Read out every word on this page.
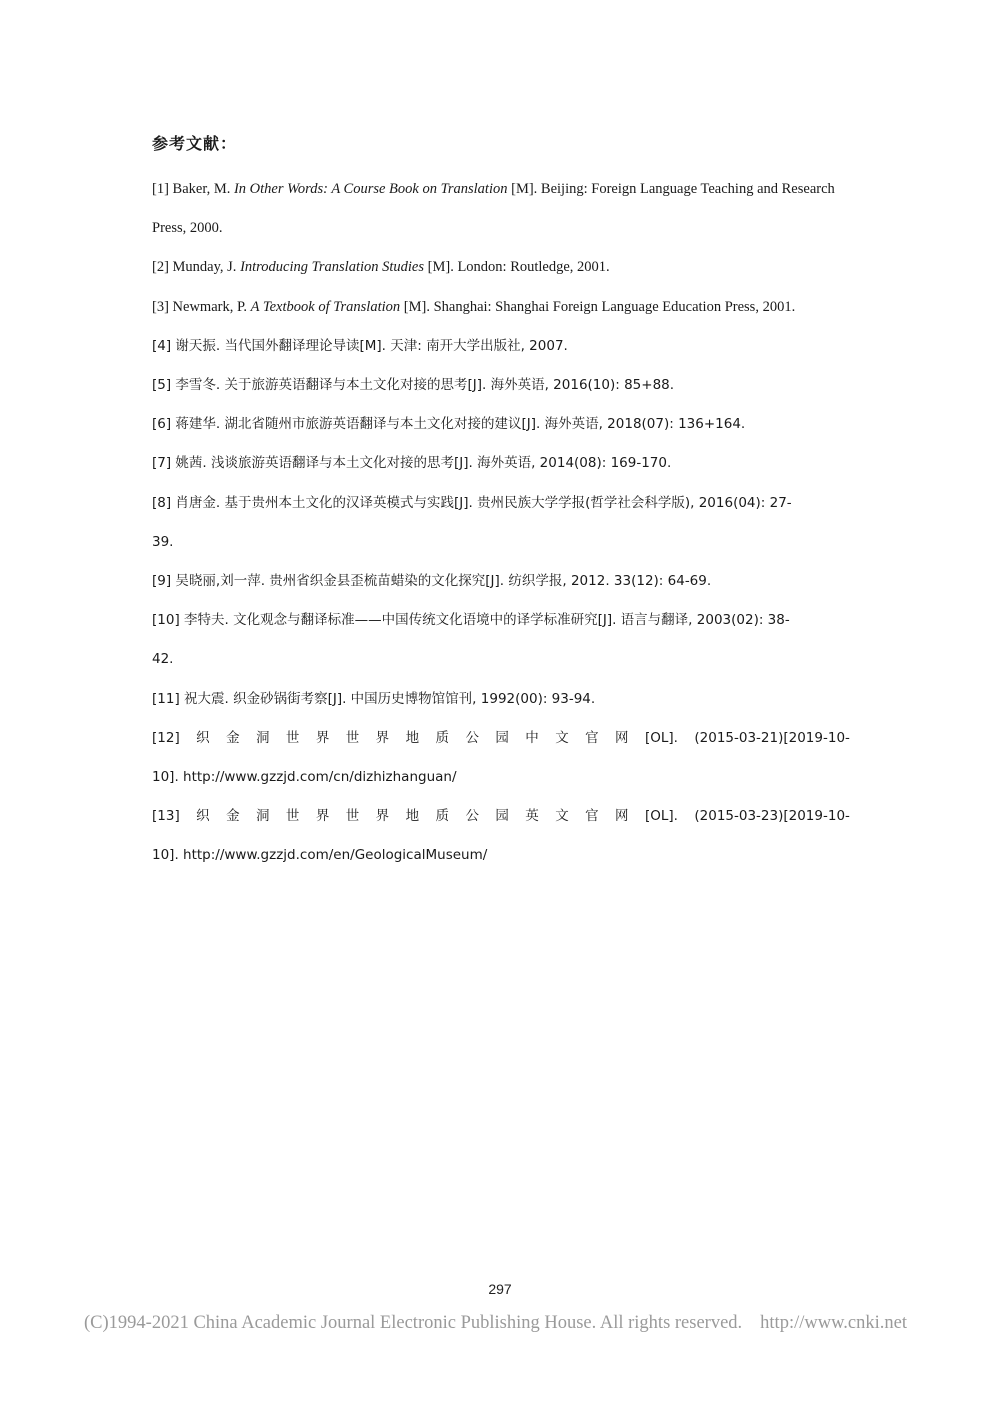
参考文献：

[1] Baker, M. In Other Words: A Course Book on Translation [M]. Beijing: Foreign Language Teaching and Research

Press, 2000.

[2] Munday, J. Introducing Translation Studies [M]. London: Routledge, 2001.

[3] Newmark, P. A Textbook of Translation [M]. Shanghai: Shanghai Foreign Language Education Press, 2001.

[4] 谢天振. 当代国外翻译理论导读[M]. 天津: 南开大学出版社, 2007.

[5] 李雪冬. 关于旅游英语翻译与本土文化对接的思考[J]. 海外英语, 2016(10): 85+88.

[6] 蒋建华. 湖北省随州市旅游英语翻译与本土文化对接的建议[J]. 海外英语, 2018(07): 136+164.

[7] 姚茜. 浅谈旅游英语翻译与本土文化对接的思考[J]. 海外英语, 2014(08): 169-170.

[8] 肖唐金. 基于贵州本土文化的汉译英模式与实践[J]. 贵州民族大学学报(哲学社会科学版), 2016(04): 27-

39.

[9] 吴晓丽,刘一萍. 贵州省织金县歪梳苗蜡染的文化探究[J]. 纺织学报, 2012. 33(12): 64-69.

[10] 李特夫. 文化观念与翻译标准——中国传统文化语境中的译学标准研究[J]. 语言与翻译, 2003(02): 38-

42.

[11] 祝大震. 织金砂锅街考察[J]. 中国历史博物馆馆刊, 1992(00): 93-94.

[12] 织 金 洞 世 界 世 界 地 质 公 园 中 文 官 网 [OL]. (2015-03-21)[2019-10-

10]. http://www.gzzjd.com/cn/dizhizhanguan/

[13] 织 金 洞 世 界 世 界 地 质 公 园 英 文 官 网 [OL]. (2015-03-23)[2019-10-

10]. http://www.gzzjd.com/en/GeologicalMuseum/

297
(C)1994-2021 China Academic Journal Electronic Publishing House. All rights reserved. http://www.cnki.net
